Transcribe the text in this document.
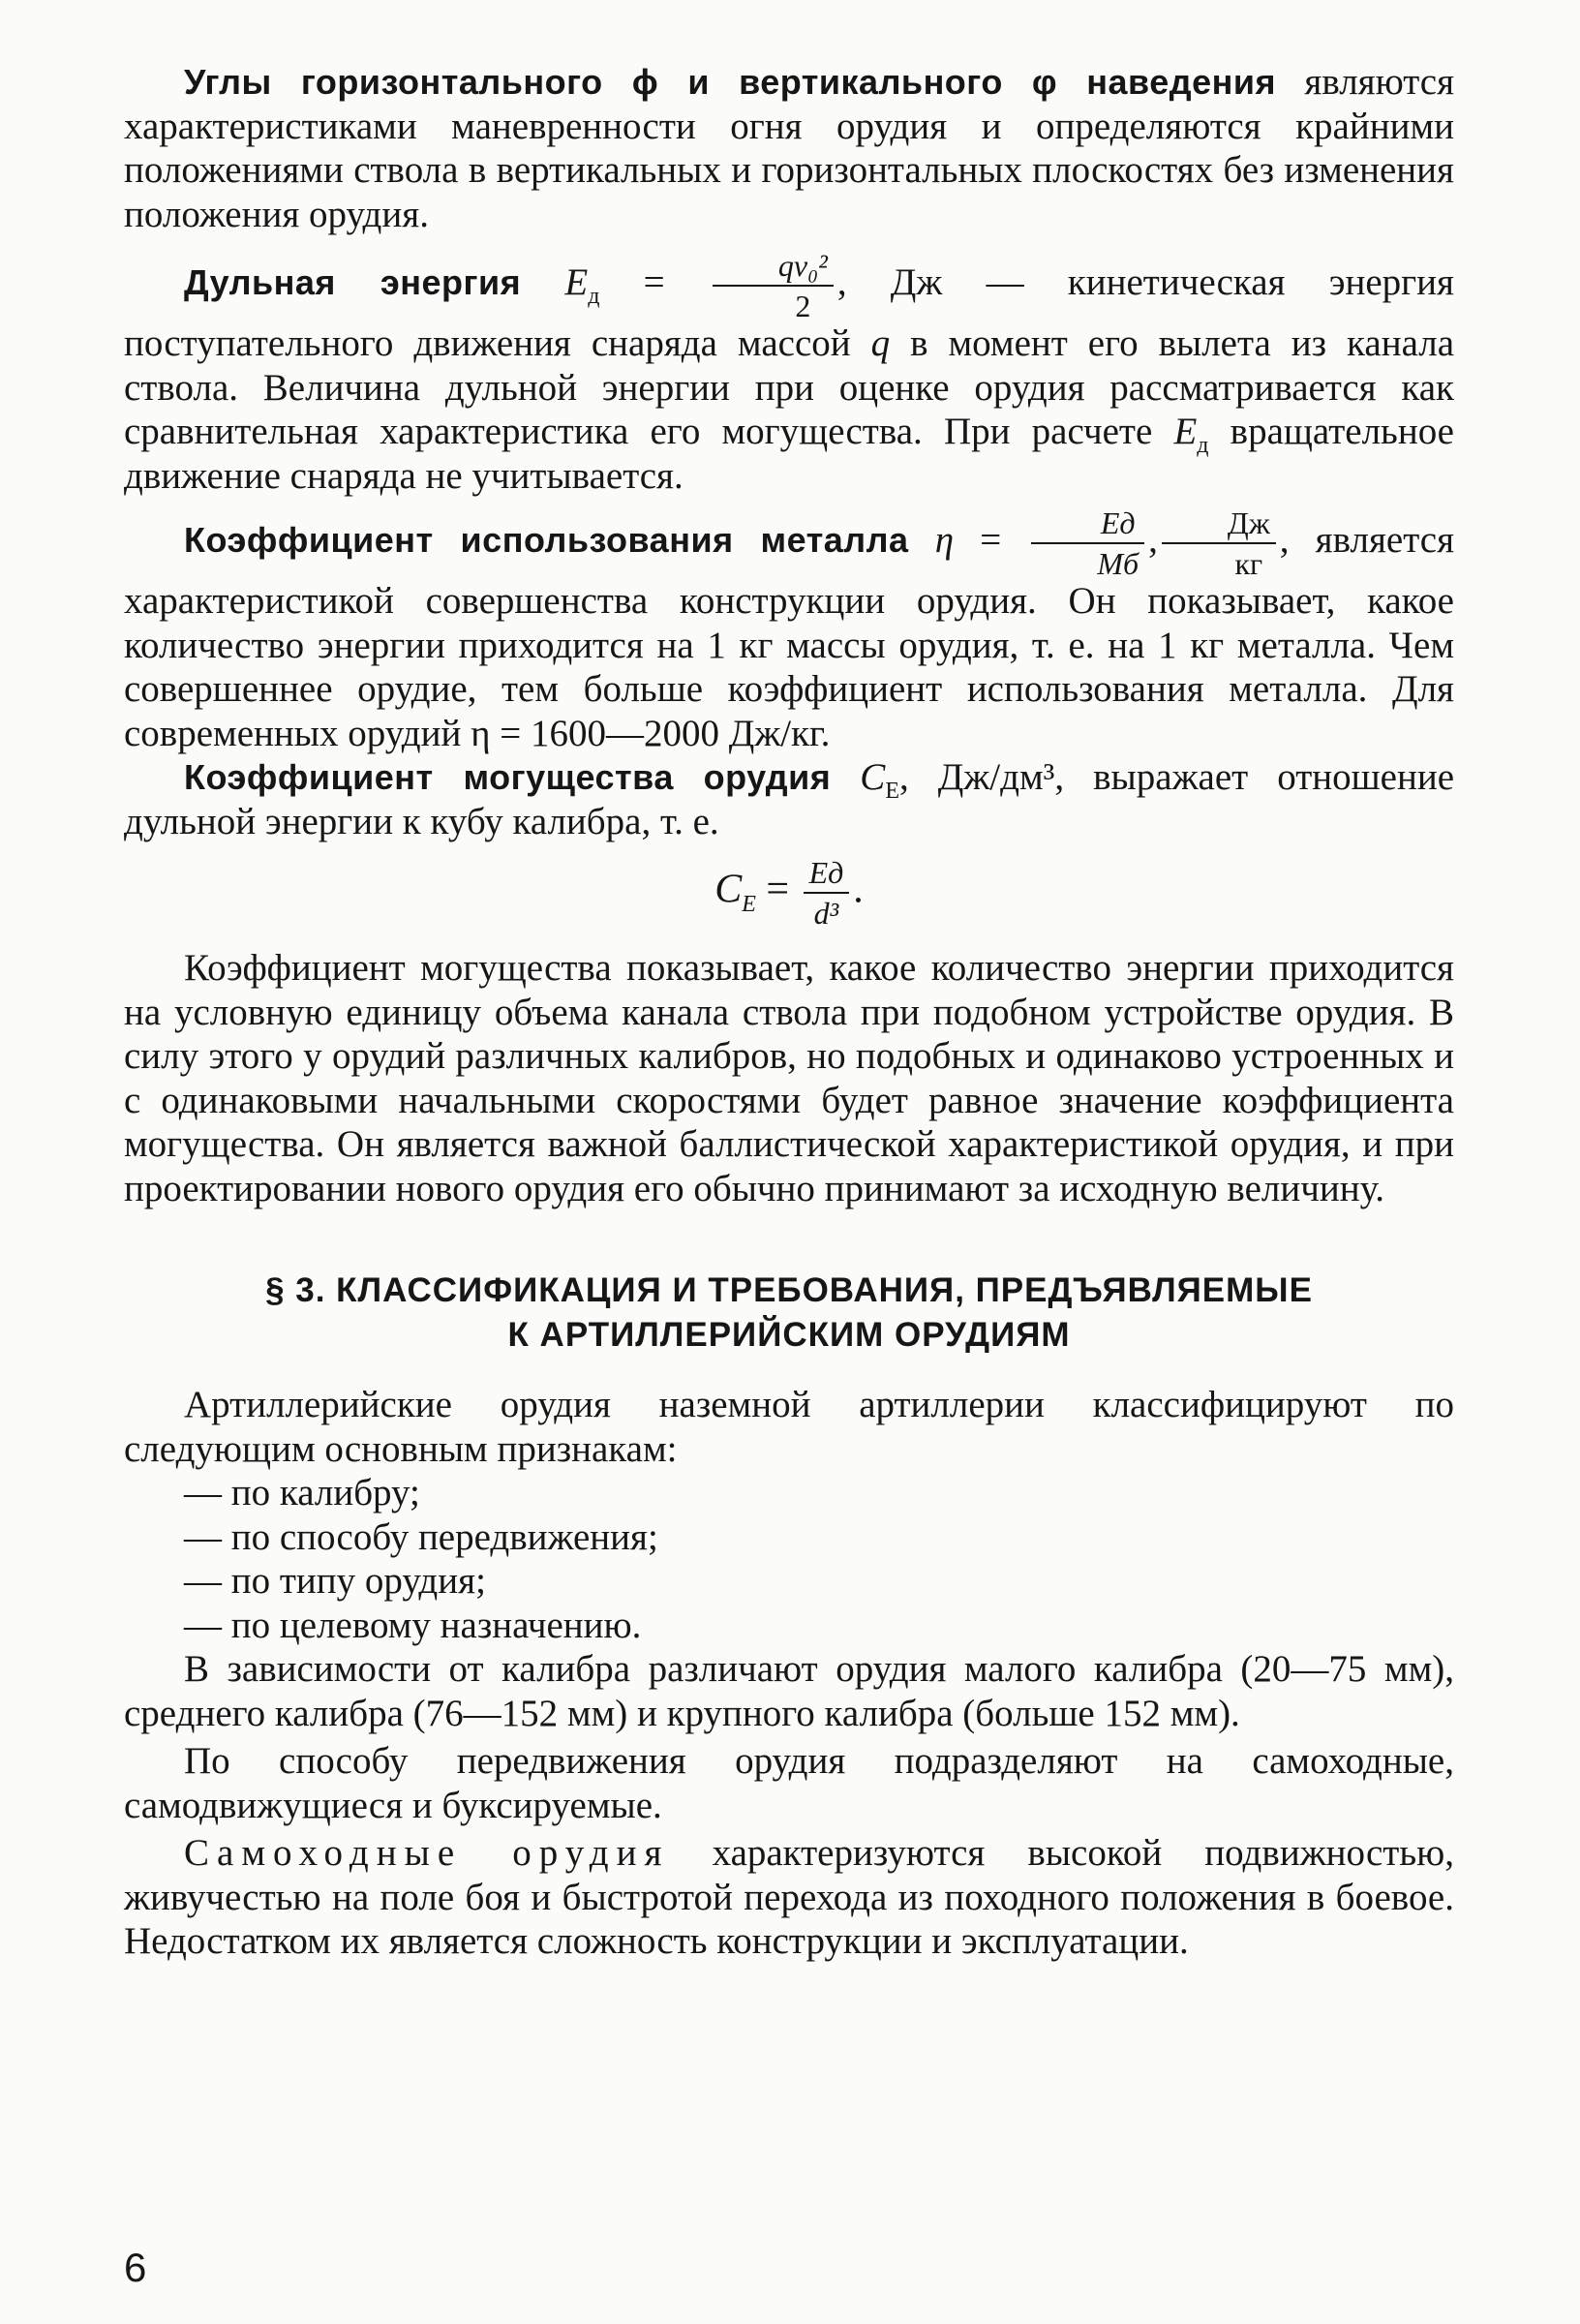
Углы горизонтального ϕ и вертикального φ наведения являются характеристиками маневренности огня орудия и определяются крайними положениями ствола в вертикальных и горизонтальных плоскостях без изменения положения орудия.

Дульная энергия $E_д = \frac{\text{qv₀²}}{2}$ , Дж — кинетическая энергия поступательного движения снаряда массой q в момент его вылета из канала ствола. Величина дульной энергии при оценке орудия рассматривается как сравнительная характеристика его могущества. При расчете $E_д$ вращательное движение снаряда не учитывается.

Коэффициент использования металла $\eta = \frac{Eд}{Mб}$ , $\frac{Дж}{кг}$ , является характеристикой совершенства конструкции орудия. Он показывает, какое количество энергии приходится на 1 кг массы орудия, т. е. на 1 кг металла. Чем совершеннее орудие, тем больше коэффициент использования металла. Для современных орудий η = 1600—2000 Дж/кг.

Коэффициент могущества орудия $C_E$, Дж/дм³, выражает отношение дульной энергии к кубу калибра, т. е.

$C_E = \frac{Eд}{\text{d³}}$ .

Коэффициент могущества показывает, какое количество энергии приходится на условную единицу объема канала ствола при подобном устройстве орудия. В силу этого у орудий различных калибров, но подобных и одинаково устроенных и с одинаковыми начальными скоростями будет равное значение коэффициента могущества. Он является важной баллистической характеристикой орудия, и при проектировании нового орудия его обычно принимают за исходную величину.

§ 3. КЛАССИФИКАЦИЯ И ТРЕБОВАНИЯ, ПРЕДЪЯВЛЯЕМЫЕ
К АРТИЛЛЕРИЙСКИМ ОРУДИЯМ

Артиллерийские орудия наземной артиллерии классифицируют по следующим основным признакам:

— по калибру;
— по способу передвижения;
— по типу орудия;
— по целевому назначению.

В зависимости от калибра различают орудия малого калибра (20—75 мм), среднего калибра (76—152 мм) и крупного калибра (больше 152 мм).

По способу передвижения орудия подразделяют на самоходные, самодвижущиеся и буксируемые.

Самоходные орудия характеризуются высокой подвижностью, живучестью на поле боя и быстротой перехода из походного положения в боевое. Недостатком их является сложность конструкции и эксплуатации.

6
